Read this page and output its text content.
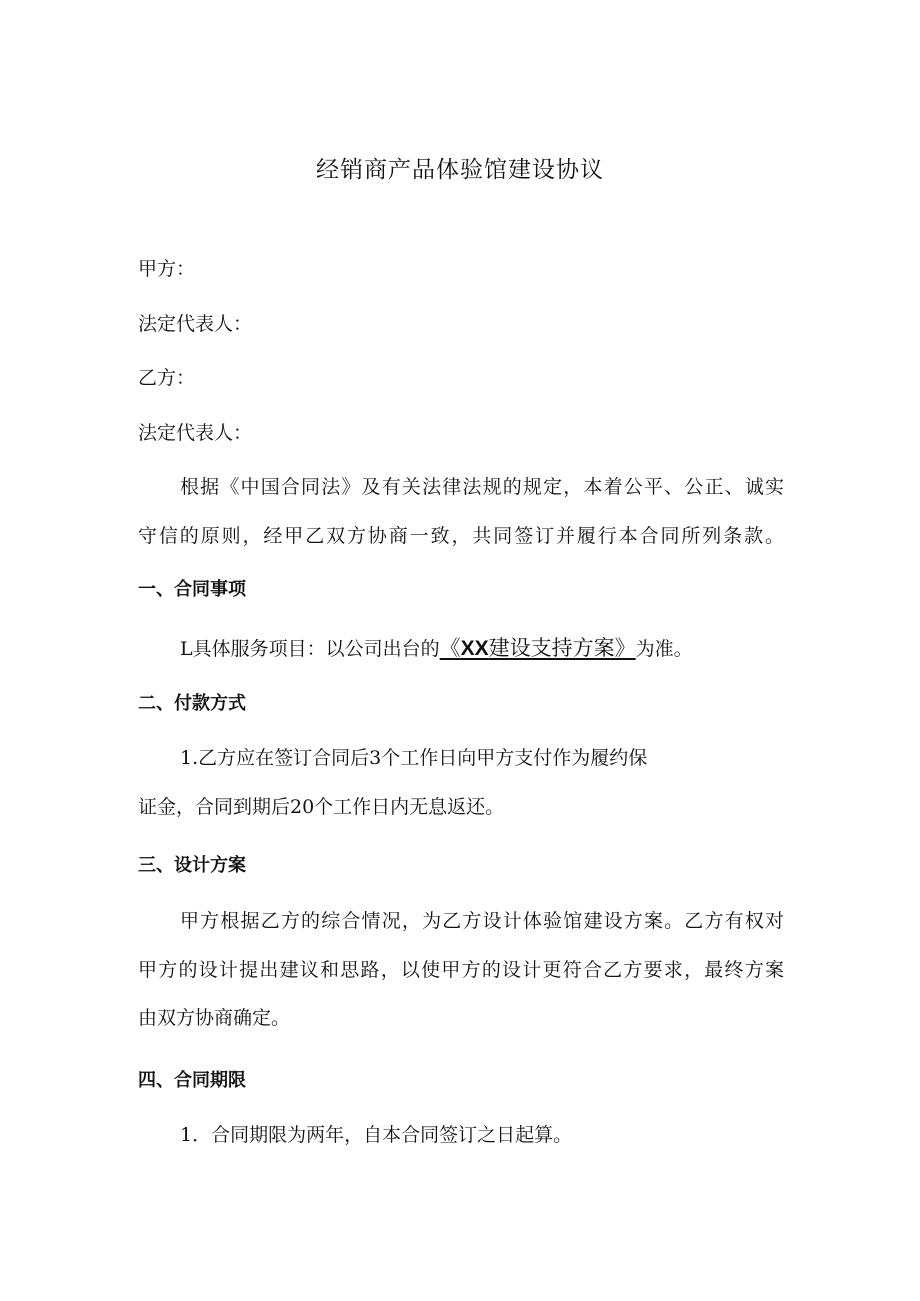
经销商产品体验馆建设协议
甲方：
法定代表人：
乙方：
法定代表人：
根据《中国合同法》及有关法律法规的规定，本着公平、公正、诚实
守信的原则，经甲乙双方协商一致，共同签订并履行本合同所列条款。
一、合同事项
L具体服务项目：以公司出台的《XX建设支持方案》为准。
二、付款方式
1.乙方应在签订合同后3个工作日向甲方支付作为履约保
证金，合同到期后20个工作日内无息返还。
三、设计方案
甲方根据乙方的综合情况，为乙方设计体验馆建设方案。乙方有权对
甲方的设计提出建议和思路，以使甲方的设计更符合乙方要求，最终方案
由双方协商确定。
四、合同期限
1．合同期限为两年，自本合同签订之日起算。
